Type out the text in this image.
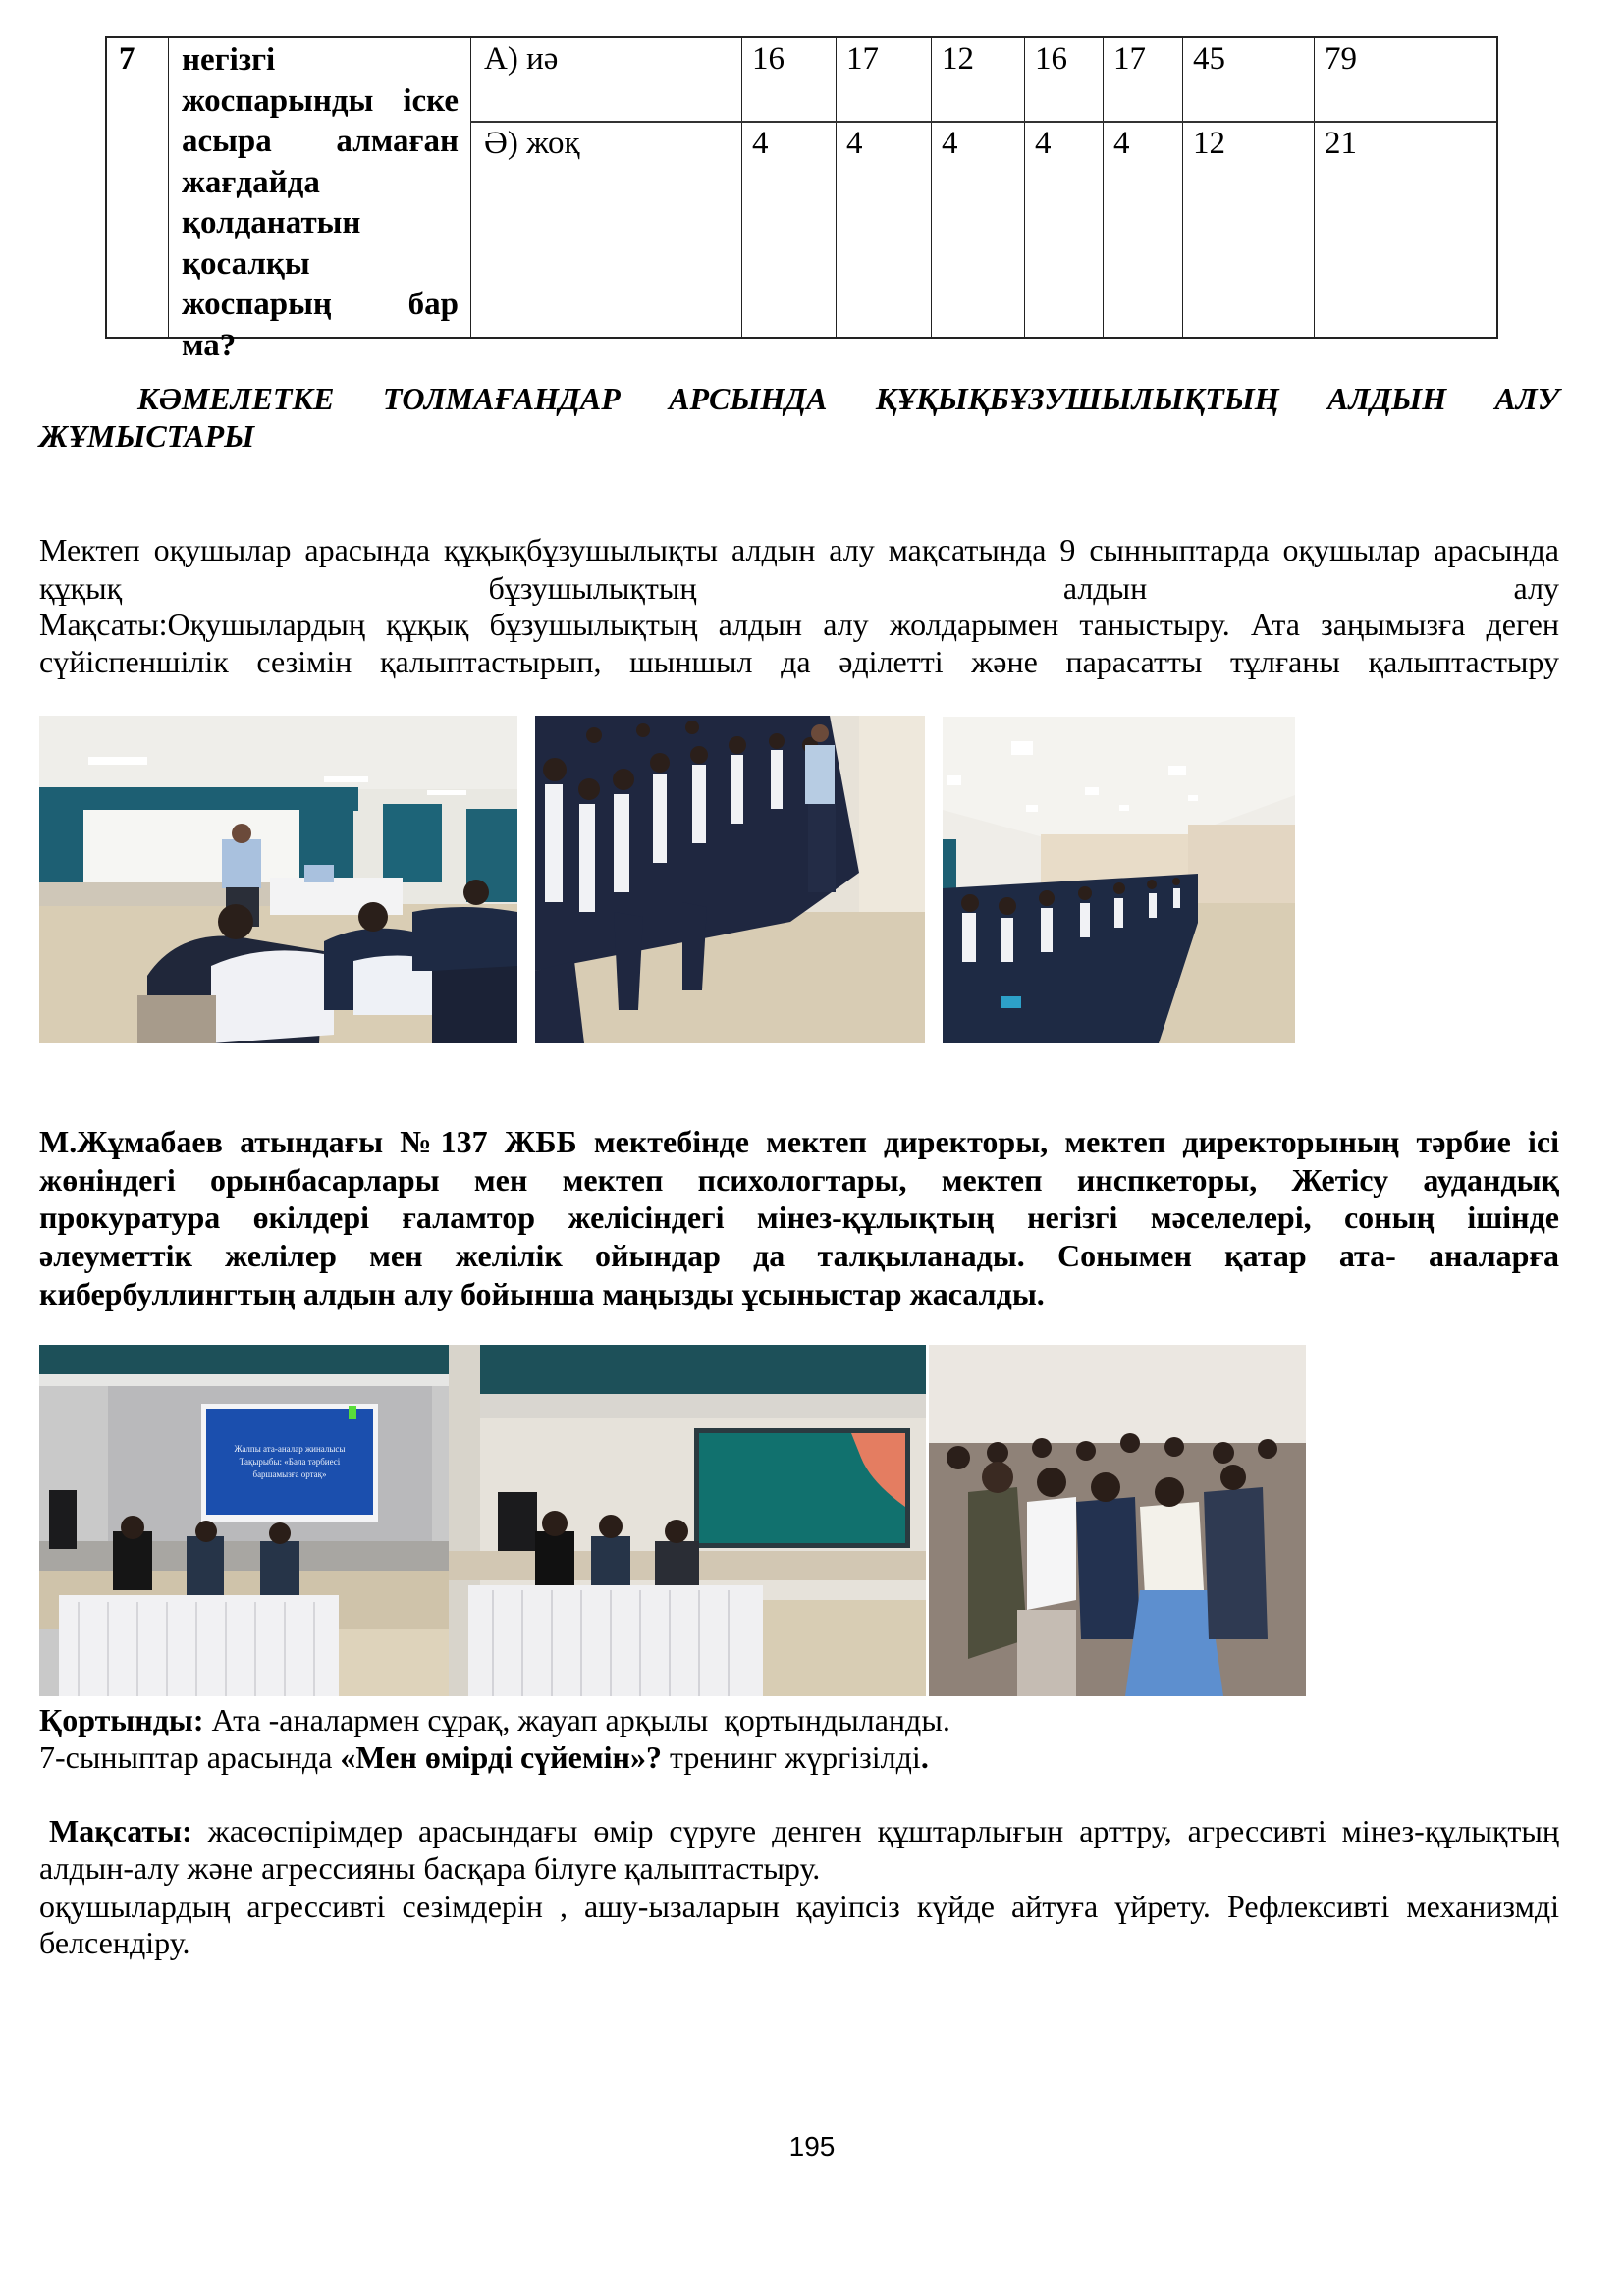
7 негізгі
жоспарынды іске
асыра алмаған
жағдайда
қолданатын
қосалқы
жоспарың бар
ма?
А) иә	16 17 12 16 17 45	79
Ә) жоқ	4 4 4 4 4 12	21
КӘМЕЛЕТКЕ ТОЛМАҒАНДАР АРСЫНДА ҚҰҚЫҚБҰЗУШЫЛЫҚТЫҢ АЛДЫН АЛУ
ЖҰМЫСТАРЫ
Мектеп оқушылар арасында құқықбұзушылықты алдын алу мақсатында 9 сынныптарда оқушылар арасында
құқық бұзушылықтың алдын алу
Мақсаты:Оқушылардың құқық бұзушылықтың алдын алу жолдарымен таныстыру. Ата заңымызға деген
сүйіспеншілік сезімін қалыптастырып, шыншыл да әділетті және парасатты тұлғаны қалыптастыру
М.Жұмабаев атындағы №137 ЖББ мектебінде мектеп директоры, мектеп директорының тәрбие ісі
жөніндегі орынбасарлары мен мектеп психологтары, мектеп инспкеторы, Жетісу аудандық
прокуратура өкілдері ғаламтор желісіндегі мінез-құлықтың негізгі мәселелері, соның ішінде
әлеуметтік желілер мен желілік ойындар да талқыланады. Сонымен қатар ата- аналарға
кибербуллингтың алдын алу бойынша маңызды ұсыныстар жасалды.
Жалпы ата-аналар жиналысы
Тақырыбы: «Бала тәрбиесі
баршамызға ортақ»
Қортынды: Ата -аналармен сұрақ, жауап арқылы  қортындыланды.
7-сыныптар арасында «Мен өмірді сүйемін»? тренинг жүргізілді.
Мақсаты: жасөспірімдер арасындағы өмір сүруге денген құштарлығын арттру, агрессивті мінез-құлықтың
алдын-алу және агрессияны басқара білуге қалыптастыру.
оқушылардың агрессивті сезімдерін , ашу-ызаларын қауіпсіз күйде айтуға үйрету. Рефлексивті механизмді
белсендіру.
195
